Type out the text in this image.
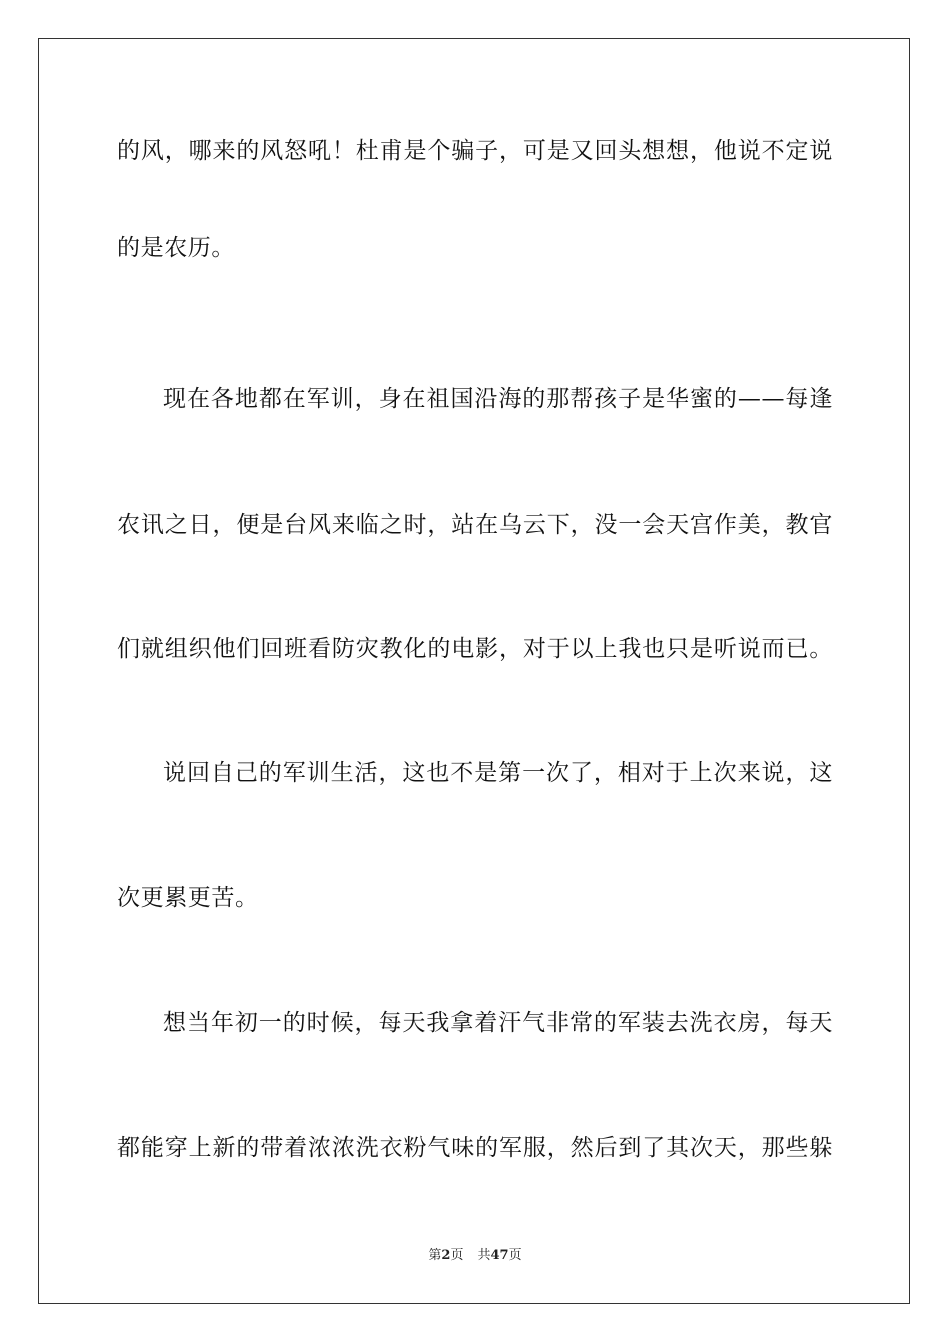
的风，哪来的风怒吼！杜甫是个骗子，可是又回头想想，他说不定说
的是农历。
现在各地都在军训，身在祖国沿海的那帮孩子是华蜜的——每逢
农讯之日，便是台风来临之时，站在乌云下，没一会天宫作美，教官
们就组织他们回班看防灾教化的电影，对于以上我也只是听说而已。
说回自己的军训生活，这也不是第一次了，相对于上次来说，这
次更累更苦。
想当年初一的时候，每天我拿着汗气非常的军装去洗衣房，每天
都能穿上新的带着浓浓洗衣粉气味的军服，然后到了其次天，那些躲
第2页 共47页
